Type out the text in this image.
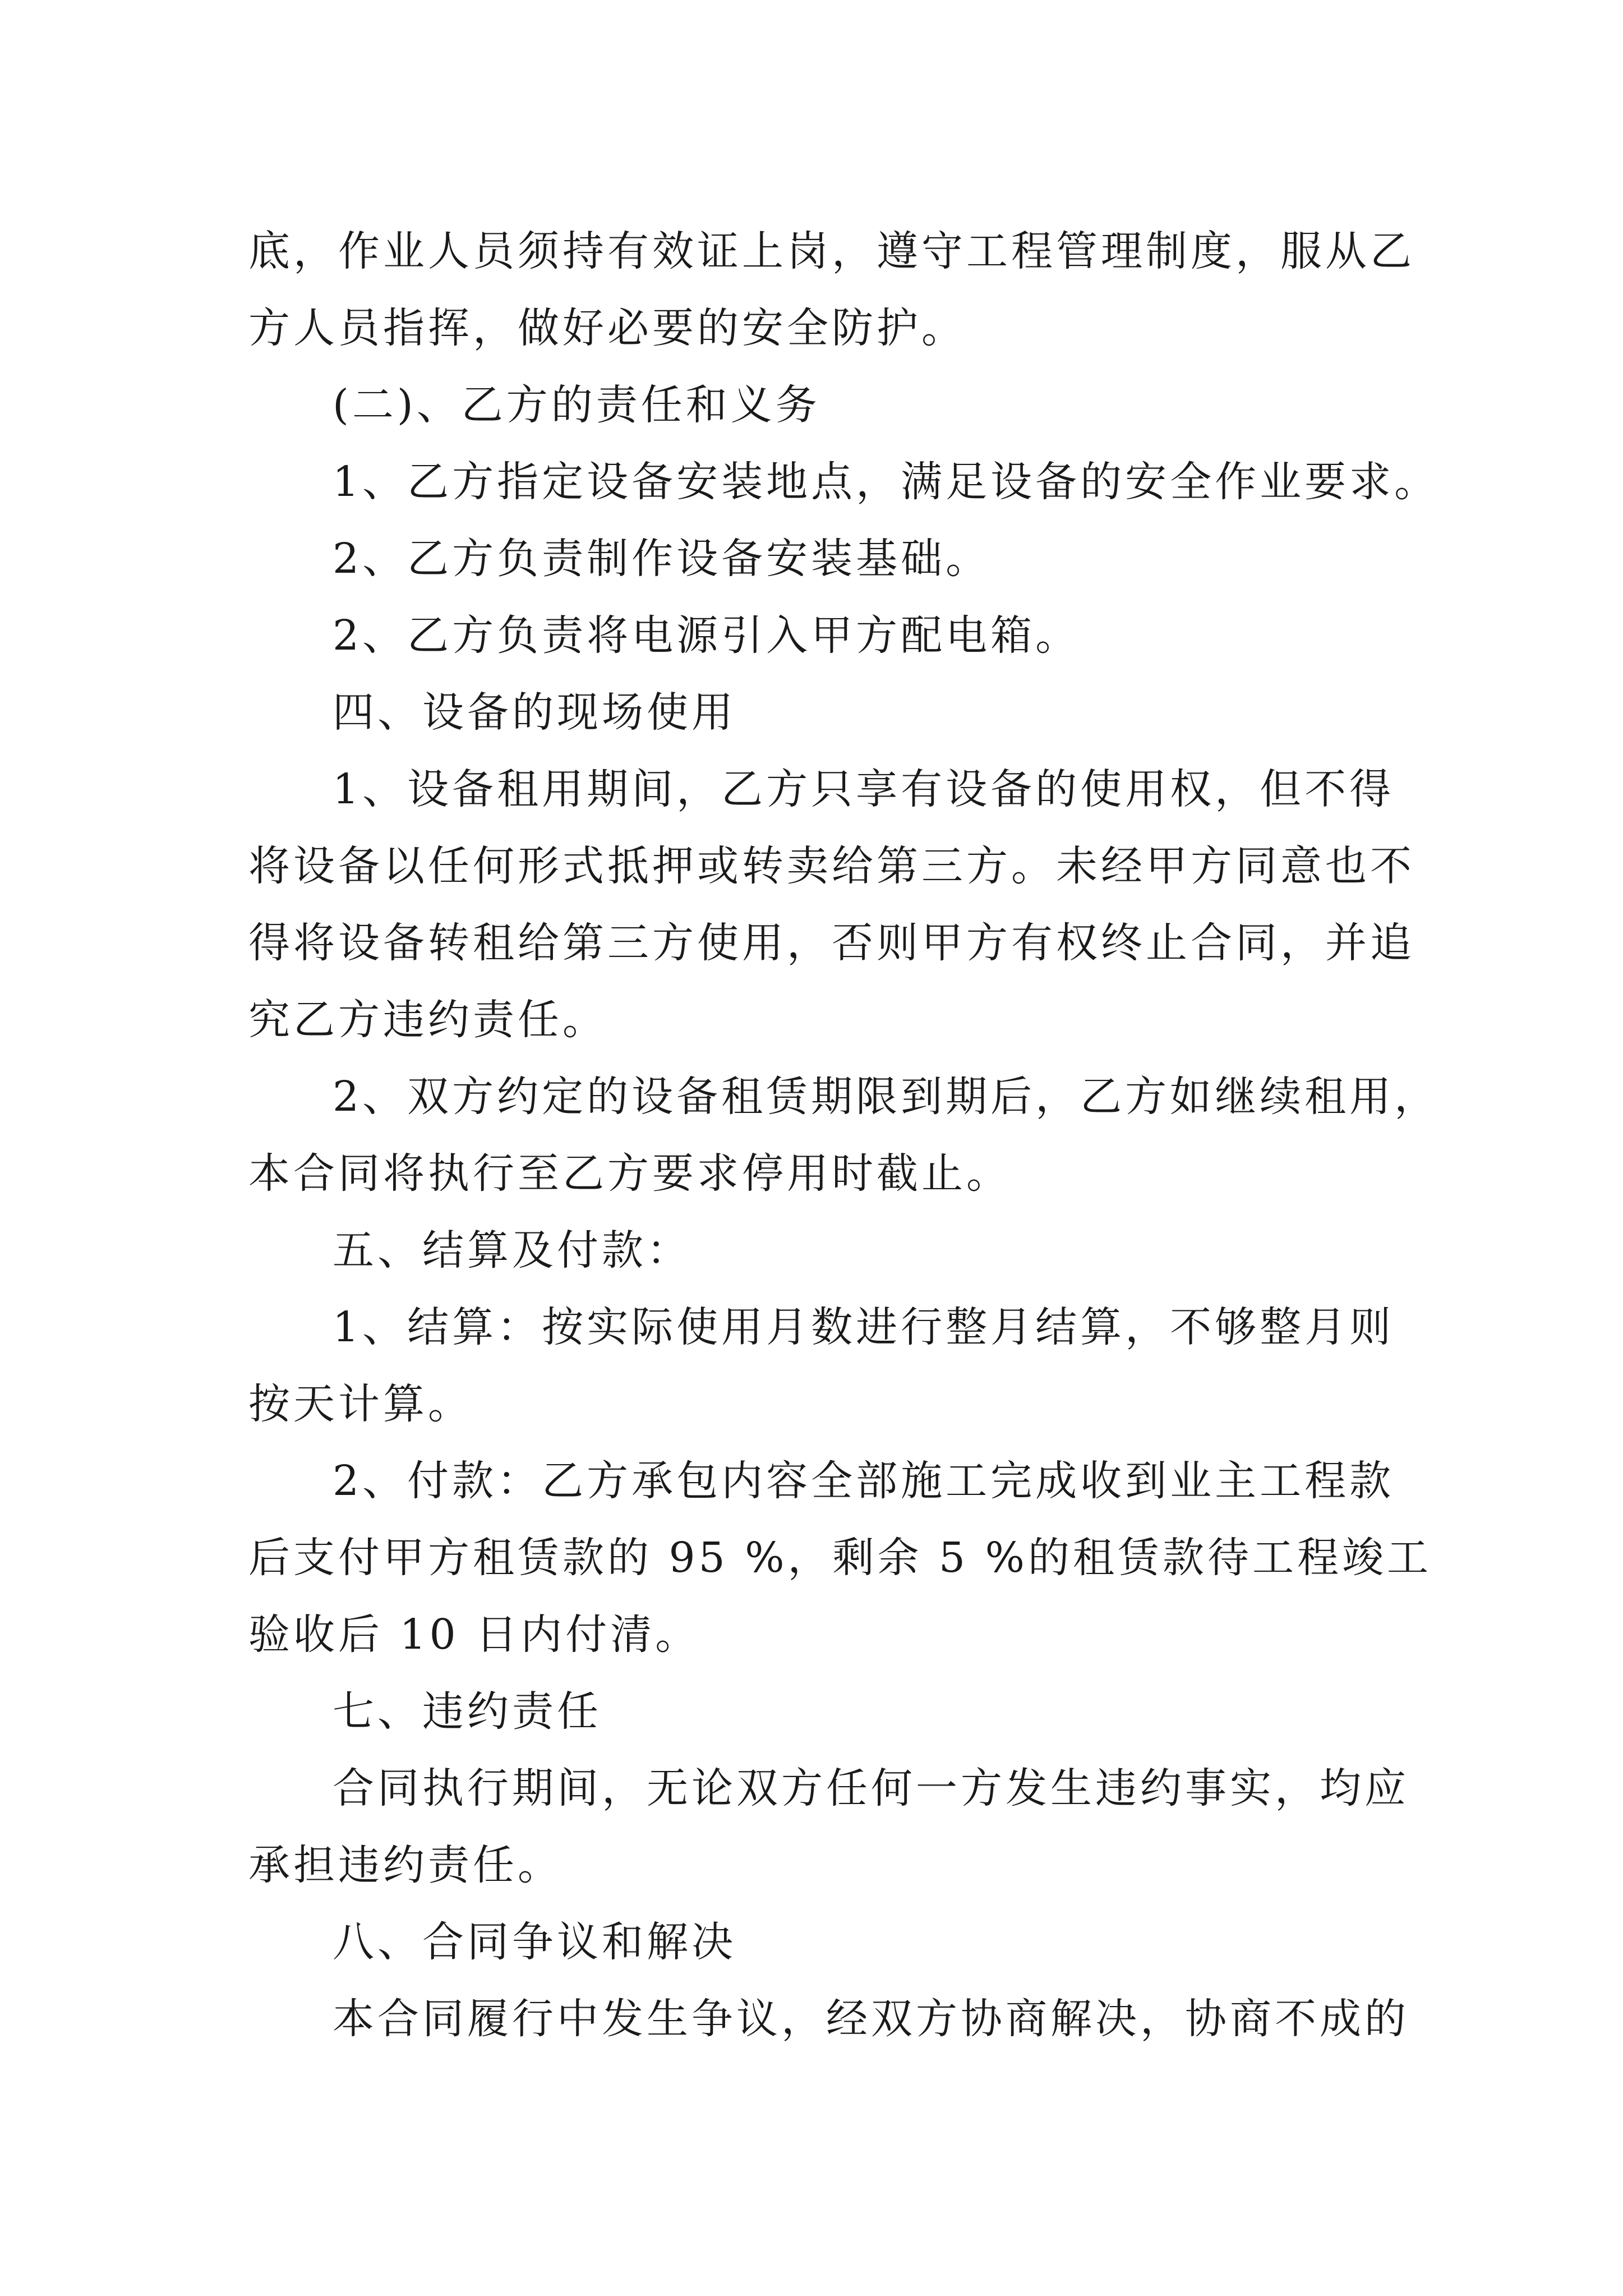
底，作业人员须持有效证上岗，遵守工程管理制度，服从乙
方人员指挥，做好必要的安全防护。
(二)、乙方的责任和义务
1、乙方指定设备安装地点，满足设备的安全作业要求。
2、乙方负责制作设备安装基础。
2、乙方负责将电源引入甲方配电箱。
四、设备的现场使用
1、设备租用期间，乙方只享有设备的使用权，但不得
将设备以任何形式抵押或转卖给第三方。未经甲方同意也不
得将设备转租给第三方使用，否则甲方有权终止合同，并追
究乙方违约责任。
2、双方约定的设备租赁期限到期后，乙方如继续租用，
本合同将执行至乙方要求停用时截止。
五、结算及付款：
1、结算：按实际使用月数进行整月结算，不够整月则
按天计算。
2、付款：乙方承包内容全部施工完成收到业主工程款
后支付甲方租赁款的 95 %，剩余 5 %的租赁款待工程竣工
验收后 10 日内付清。
七、违约责任
合同执行期间，无论双方任何一方发生违约事实，均应
承担违约责任。
八、合同争议和解决
本合同履行中发生争议，经双方协商解决，协商不成的
